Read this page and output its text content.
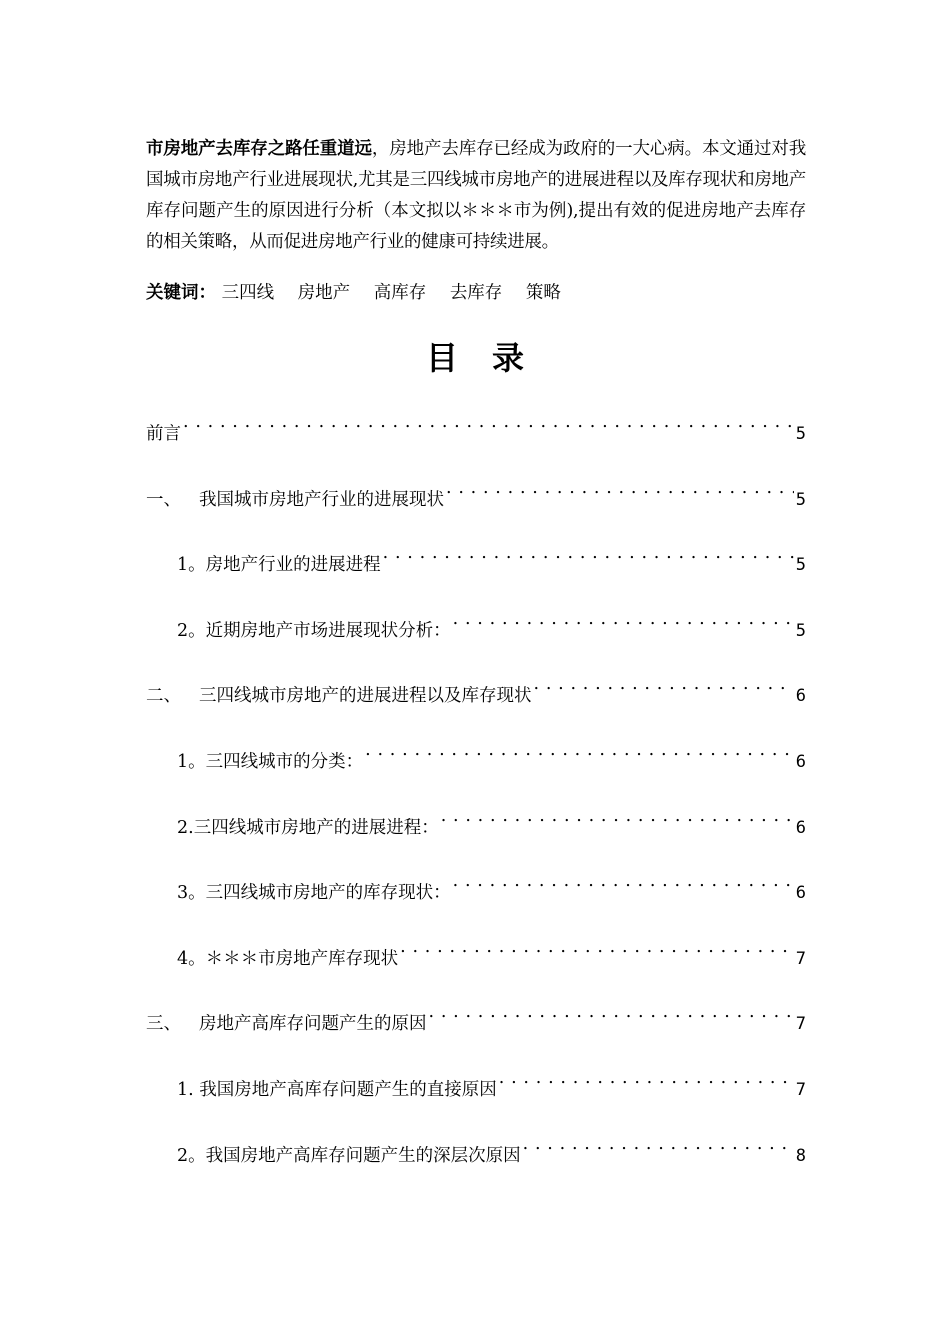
市房地产去库存之路任重道远，房地产去库存已经成为政府的一大心病。本文通过对我国城市房地产行业进展现状,尤其是三四线城市房地产的进展进程以及库存现状和房地产库存问题产生的原因进行分析（本文拟以＊＊＊市为例),提出有效的促进房地产去库存的相关策略，从而促进房地产行业的健康可持续进展。
关键词： 三四线 房地产 高库存 去库存 策略
目录
前言 . . .	5
一、 我国城市房地产行业的进展现状 . . .	5
1。房地产行业的进展进程 . . .	5
2。近期房地产市场进展现状分析： . . .	5
二、 三四线城市房地产的进展进程以及库存现状 . . .	6
1。三四线城市的分类： . . .	6
2.三四线城市房地产的进展进程： . . .	6
3。三四线城市房地产的库存现状： . . .	6
4。＊＊＊市房地产库存现状 . . .	7
三、 房地产高库存问题产生的原因 . . .	7
1. 我国房地产高库存问题产生的直接原因 . . .	7
2。我国房地产高库存问题产生的深层次原因 . . .	8
